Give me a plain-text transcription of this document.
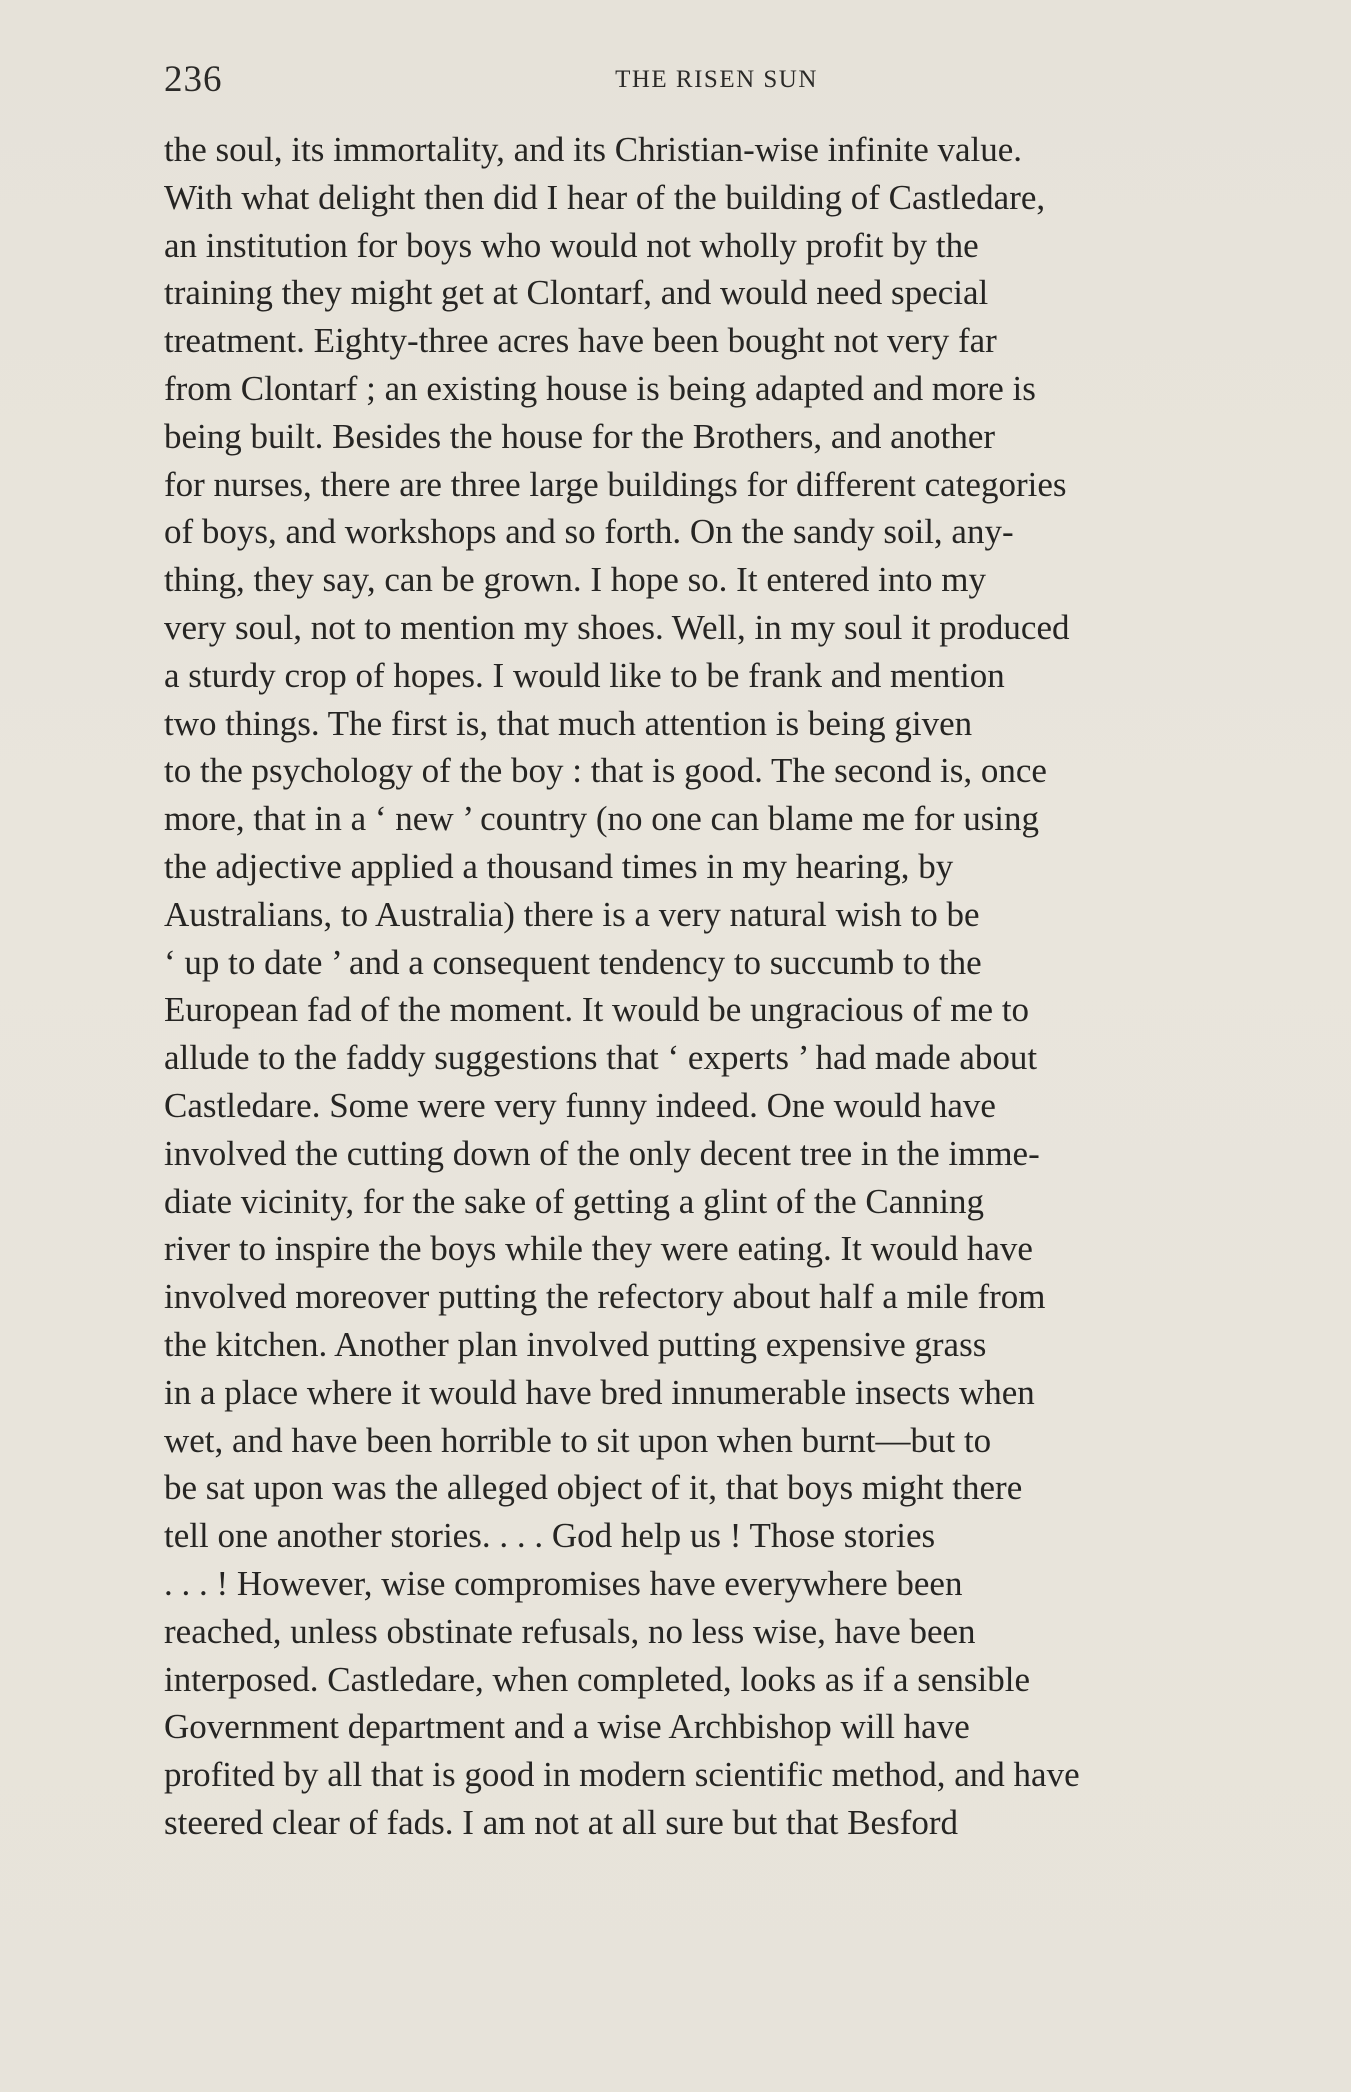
236	THE RISEN SUN
the soul, its immortality, and its Christian-wise infinite value.
With what delight then did I hear of the building of Castledare,
an institution for boys who would not wholly profit by the
training they might get at Clontarf, and would need special
treatment. Eighty-three acres have been bought not very far
from Clontarf ; an existing house is being adapted and more is
being built. Besides the house for the Brothers, and another
for nurses, there are three large buildings for different categories
of boys, and workshops and so forth. On the sandy soil, any-
thing, they say, can be grown. I hope so. It entered into my
very soul, not to mention my shoes. Well, in my soul it produced
a sturdy crop of hopes. I would like to be frank and mention
two things. The first is, that much attention is being given
to the psychology of the boy : that is good. The second is, once
more, that in a ‘ new ’ country (no one can blame me for using
the adjective applied a thousand times in my hearing, by
Australians, to Australia) there is a very natural wish to be
‘ up to date ’ and a consequent tendency to succumb to the
European fad of the moment. It would be ungracious of me to
allude to the faddy suggestions that ‘ experts ’ had made about
Castledare. Some were very funny indeed. One would have
involved the cutting down of the only decent tree in the imme-
diate vicinity, for the sake of getting a glint of the Canning
river to inspire the boys while they were eating. It would have
involved moreover putting the refectory about half a mile from
the kitchen. Another plan involved putting expensive grass
in a place where it would have bred innumerable insects when
wet, and have been horrible to sit upon when burnt—but to
be sat upon was the alleged object of it, that boys might there
tell one another stories. . . . God help us ! Those stories
. . . ! However, wise compromises have everywhere been
reached, unless obstinate refusals, no less wise, have been
interposed. Castledare, when completed, looks as if a sensible
Government department and a wise Archbishop will have
profited by all that is good in modern scientific method, and have
steered clear of fads. I am not at all sure but that Besford
